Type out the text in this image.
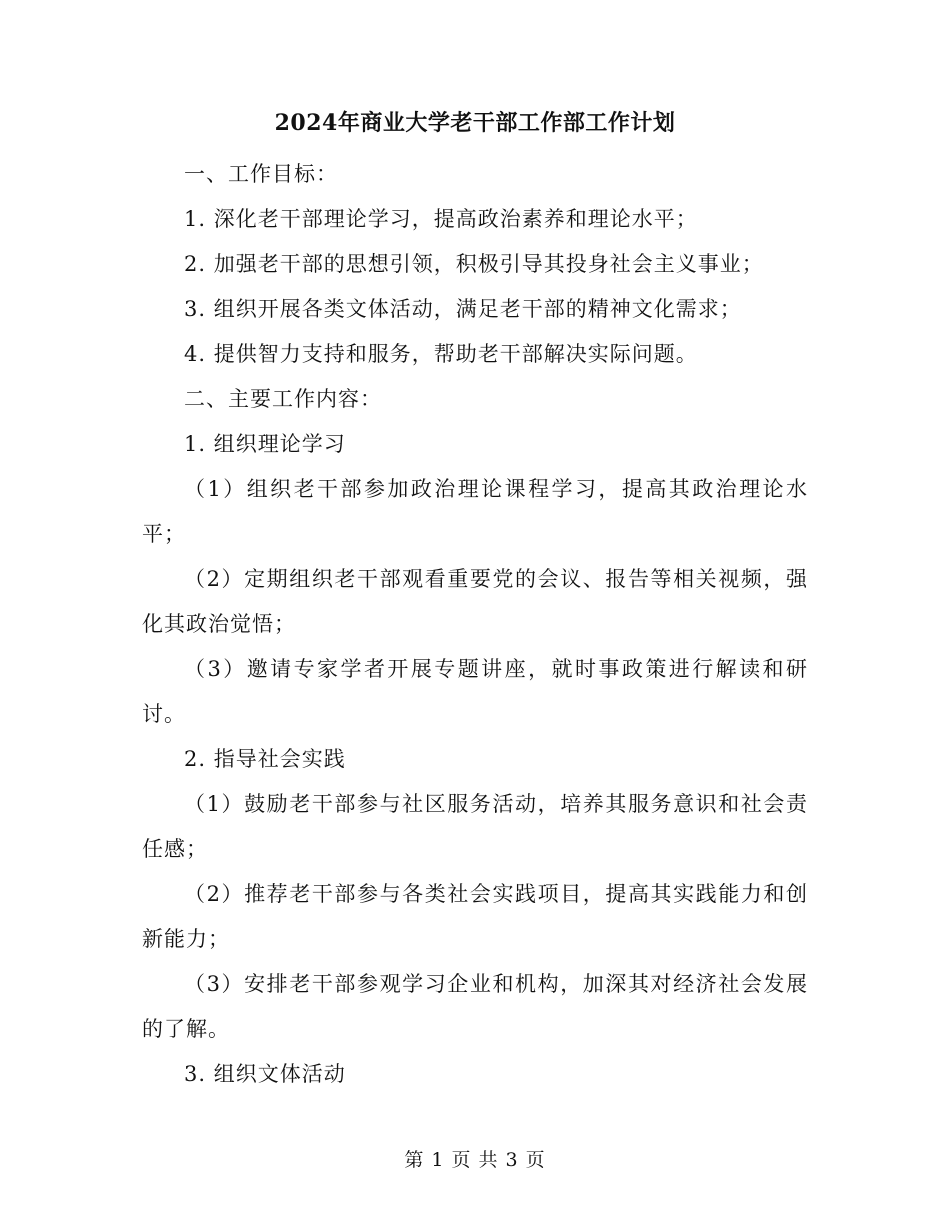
2024年商业大学老干部工作部工作计划

一、工作目标：

1. 深化老干部理论学习，提高政治素养和理论水平；

2. 加强老干部的思想引领，积极引导其投身社会主义事业；

3. 组织开展各类文体活动，满足老干部的精神文化需求；

4. 提供智力支持和服务，帮助老干部解决实际问题。

二、主要工作内容：

1. 组织理论学习

（1）组织老干部参加政治理论课程学习，提高其政治理论水平；

（2）定期组织老干部观看重要党的会议、报告等相关视频，强化其政治觉悟；

（3）邀请专家学者开展专题讲座，就时事政策进行解读和研讨。

2. 指导社会实践

（1）鼓励老干部参与社区服务活动，培养其服务意识和社会责任感；

（2）推荐老干部参与各类社会实践项目，提高其实践能力和创新能力；

（3）安排老干部参观学习企业和机构，加深其对经济社会发展的了解。

3. 组织文体活动

第 1 页 共 3 页
